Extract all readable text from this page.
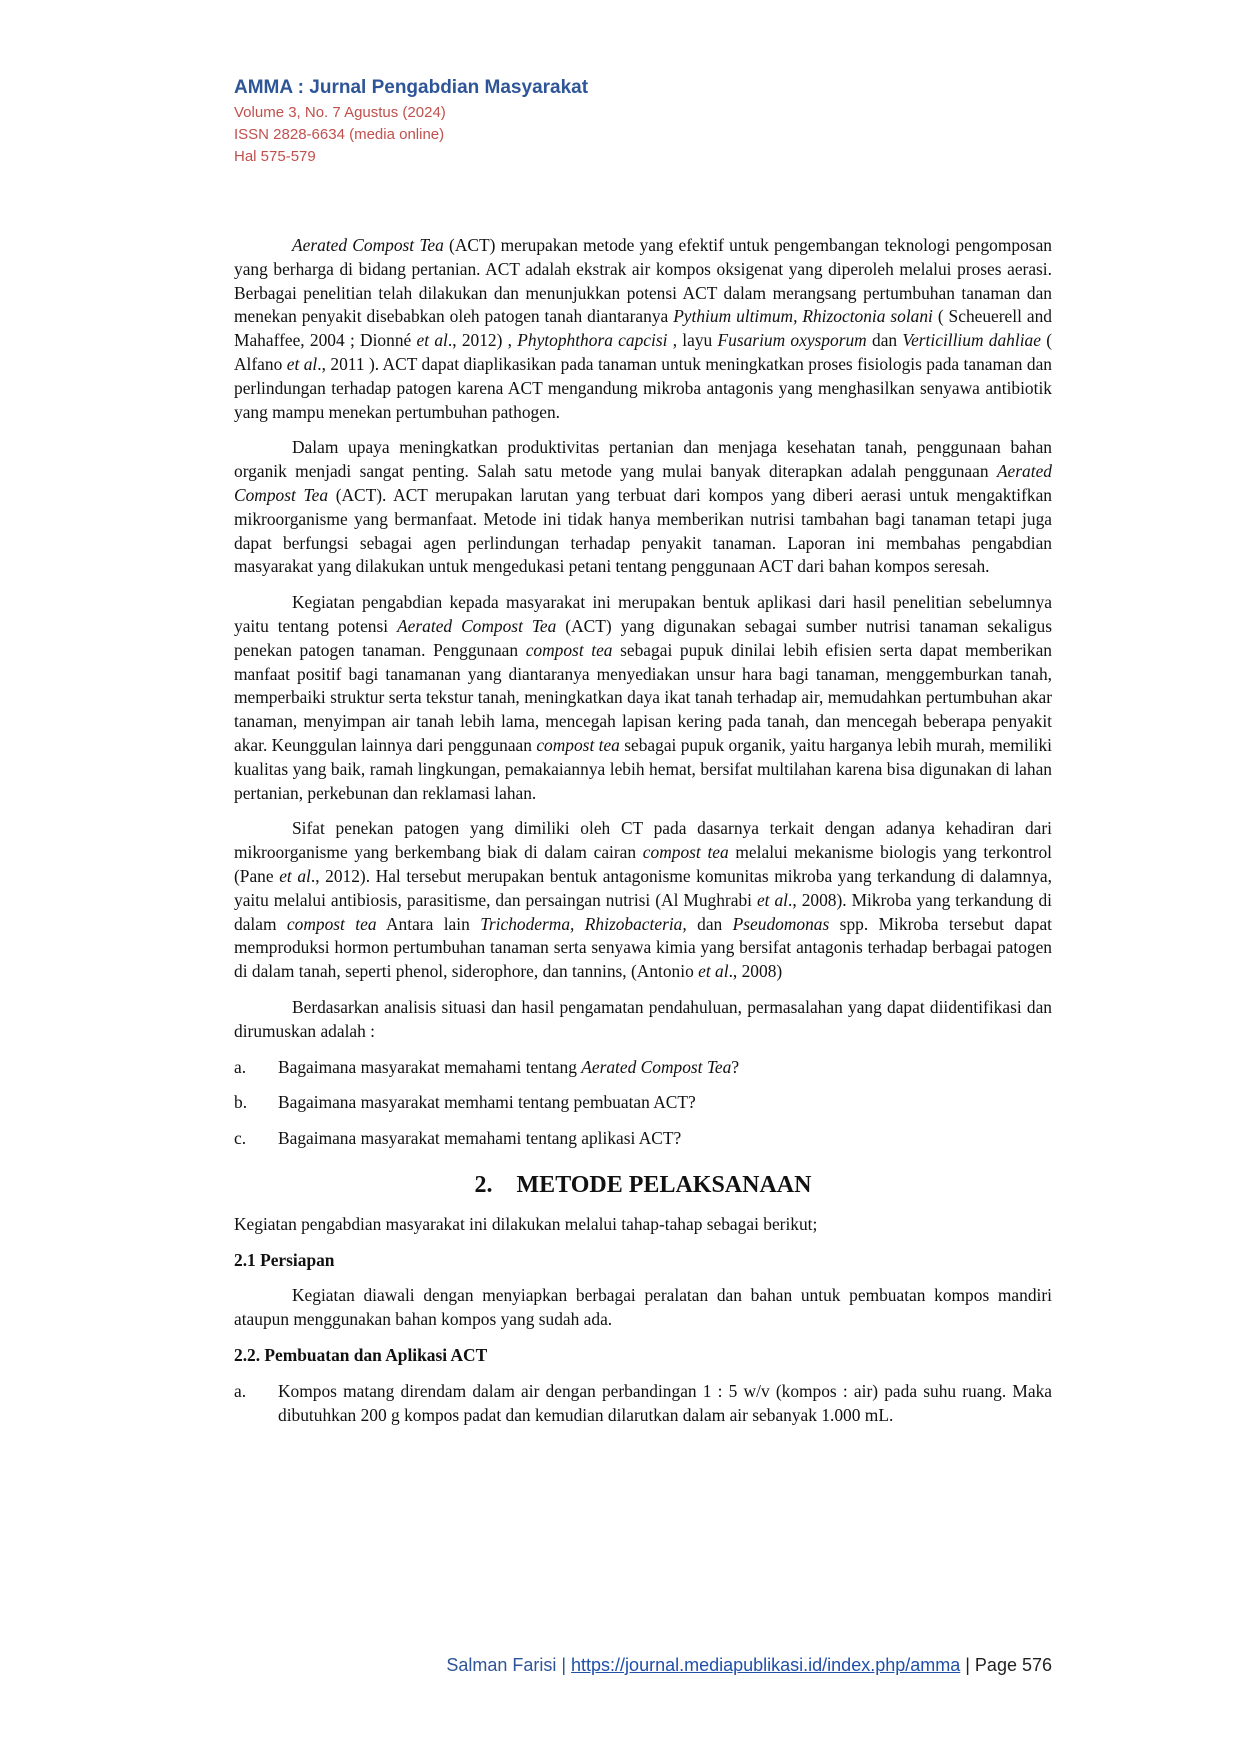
AMMA : Jurnal Pengabdian Masyarakat
Volume 3, No. 7 Agustus (2024)
ISSN 2828-6634 (media online)
Hal 575-579

Aerated Compost Tea (ACT) merupakan metode yang efektif untuk pengembangan teknologi pengomposan yang berharga di bidang pertanian. ACT adalah ekstrak air kompos oksigenat yang diperoleh melalui proses aerasi. Berbagai penelitian telah dilakukan dan menunjukkan potensi ACT dalam merangsang pertumbuhan tanaman dan menekan penyakit disebabkan oleh patogen tanah diantaranya Pythium ultimum, Rhizoctonia solani ( Scheuerell and Mahaffee, 2004 ; Dionné et al., 2012) , Phytophthora capcisi , layu Fusarium oxysporum dan Verticillium dahliae ( Alfano et al., 2011 ). ACT dapat diaplikasikan pada tanaman untuk meningkatkan proses fisiologis pada tanaman dan perlindungan terhadap patogen karena ACT mengandung mikroba antagonis yang menghasilkan senyawa antibiotik yang mampu menekan pertumbuhan pathogen.

Dalam upaya meningkatkan produktivitas pertanian dan menjaga kesehatan tanah, penggunaan bahan organik menjadi sangat penting. Salah satu metode yang mulai banyak diterapkan adalah penggunaan Aerated Compost Tea (ACT). ACT merupakan larutan yang terbuat dari kompos yang diberi aerasi untuk mengaktifkan mikroorganisme yang bermanfaat. Metode ini tidak hanya memberikan nutrisi tambahan bagi tanaman tetapi juga dapat berfungsi sebagai agen perlindungan terhadap penyakit tanaman. Laporan ini membahas pengabdian masyarakat yang dilakukan untuk mengedukasi petani tentang penggunaan ACT dari bahan kompos seresah.

Kegiatan pengabdian kepada masyarakat ini merupakan bentuk aplikasi dari hasil penelitian sebelumnya yaitu tentang potensi Aerated Compost Tea (ACT) yang digunakan sebagai sumber nutrisi tanaman sekaligus penekan patogen tanaman. Penggunaan compost tea sebagai pupuk dinilai lebih efisien serta dapat memberikan manfaat positif bagi tanamanan yang diantaranya menyediakan unsur hara bagi tanaman, menggemburkan tanah, memperbaiki struktur serta tekstur tanah, meningkatkan daya ikat tanah terhadap air, memudahkan pertumbuhan akar tanaman, menyimpan air tanah lebih lama, mencegah lapisan kering pada tanah, dan mencegah beberapa penyakit akar. Keunggulan lainnya dari penggunaan compost tea sebagai pupuk organik, yaitu harganya lebih murah, memiliki kualitas yang baik, ramah lingkungan, pemakaiannya lebih hemat, bersifat multilahan karena bisa digunakan di lahan pertanian, perkebunan dan reklamasi lahan.

Sifat penekan patogen yang dimiliki oleh CT pada dasarnya terkait dengan adanya kehadiran dari mikroorganisme yang berkembang biak di dalam cairan compost tea melalui mekanisme biologis yang terkontrol (Pane et al., 2012). Hal tersebut merupakan bentuk antagonisme komunitas mikroba yang terkandung di dalamnya, yaitu melalui antibiosis, parasitisme, dan persaingan nutrisi (Al Mughrabi et al., 2008). Mikroba yang terkandung di dalam compost tea Antara lain Trichoderma, Rhizobacteria, dan Pseudomonas spp. Mikroba tersebut dapat memproduksi hormon pertumbuhan tanaman serta senyawa kimia yang bersifat antagonis terhadap berbagai patogen di dalam tanah, seperti phenol, siderophore, dan tannins, (Antonio et al., 2008)

Berdasarkan analisis situasi dan hasil pengamatan pendahuluan, permasalahan yang dapat diidentifikasi dan dirumuskan adalah :

a.	Bagaimana masyarakat memahami tentang Aerated Compost Tea?
b.	Bagaimana masyarakat memhami tentang pembuatan ACT?
c.	Bagaimana masyarakat memahami tentang aplikasi ACT?
2. METODE PELAKSANAAN

Kegiatan pengabdian masyarakat ini dilakukan melalui tahap-tahap sebagai berikut;

2.1 Persiapan

Kegiatan diawali dengan menyiapkan berbagai peralatan dan bahan untuk pembuatan kompos mandiri ataupun menggunakan bahan kompos yang sudah ada.

2.2. Pembuatan dan Aplikasi ACT
a.	Kompos matang direndam dalam air dengan perbandingan 1 : 5 w/v (kompos : air) pada suhu ruang. Maka dibutuhkan 200 g kompos padat dan kemudian dilarutkan dalam air sebanyak 1.000 mL.
Salman Farisi | https://journal.mediapublikasi.id/index.php/amma | Page 576
